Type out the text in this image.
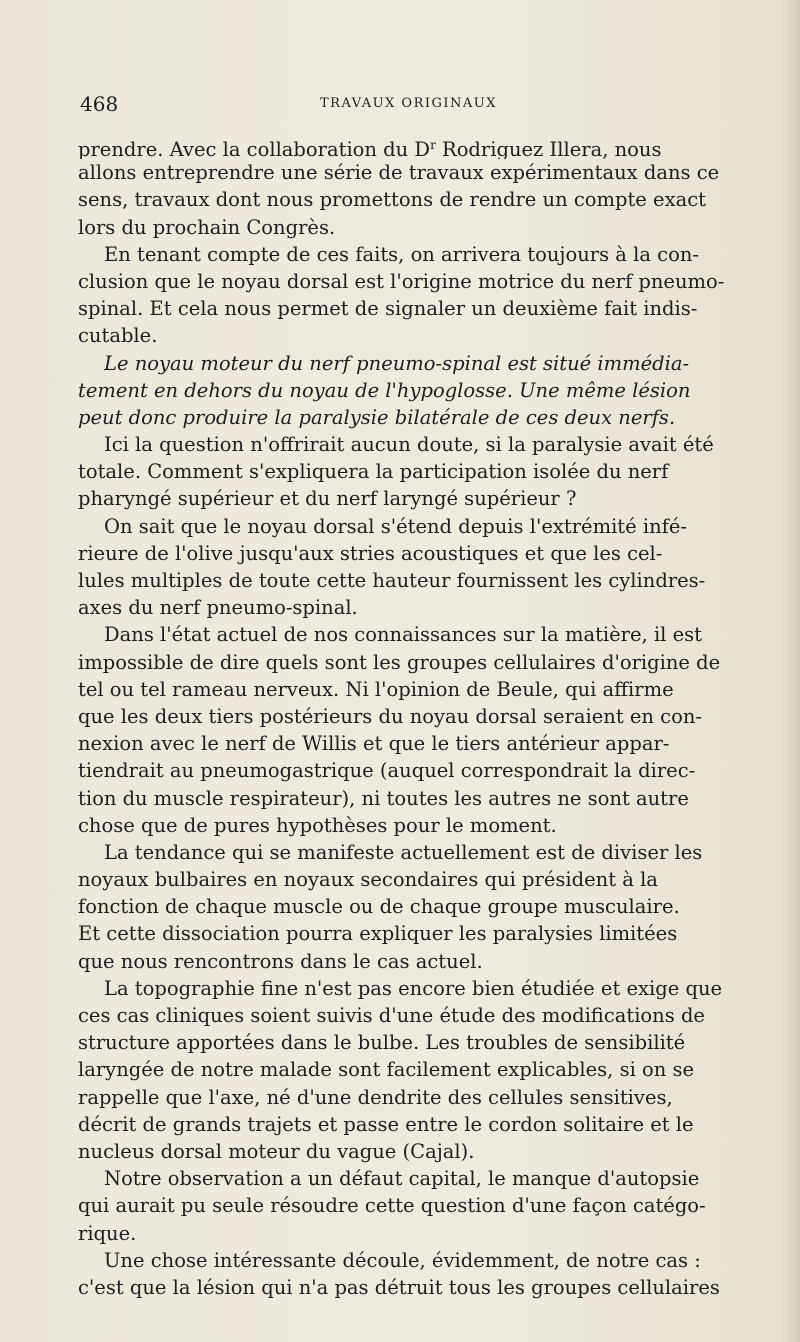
468	TRAVAUX ORIGINAUX
prendre. Avec la collaboration du $D^r$ Rodriguez Illera, nous
allons entreprendre une série de travaux expérimentaux dans ce
sens, travaux dont nous promettons de rendre un compte exact
lors du prochain Congrès.
En tenant compte de ces faits, on arrivera toujours à la con-
clusion que le noyau dorsal est l'origine motrice du nerf pneumo-
spinal. Et cela nous permet de signaler un deuxième fait indis-
cutable.
Le noyau moteur du nerf pneumo-spinal est situé immédia-
tement en dehors du noyau de l'hypoglosse. Une même lésion
peut donc produire la paralysie bilatérale de ces deux nerfs.
Ici la question n'offrirait aucun doute, si la paralysie avait été
totale. Comment s'expliquera la participation isolée du nerf
pharyngé supérieur et du nerf laryngé supérieur ?
On sait que le noyau dorsal s'étend depuis l'extrémité infé-
rieure de l'olive jusqu'aux stries acoustiques et que les cel-
lules multiples de toute cette hauteur fournissent les cylindres-
axes du nerf pneumo-spinal.
Dans l'état actuel de nos connaissances sur la matière, il est
impossible de dire quels sont les groupes cellulaires d'origine de
tel ou tel rameau nerveux. Ni l'opinion de Beule, qui affirme
que les deux tiers postérieurs du noyau dorsal seraient en con-
nexion avec le nerf de Willis et que le tiers antérieur appar-
tiendrait au pneumogastrique (auquel correspondrait la direc-
tion du muscle respirateur), ni toutes les autres ne sont autre
chose que de pures hypothèses pour le moment.
La tendance qui se manifeste actuellement est de diviser les
noyaux bulbaires en noyaux secondaires qui président à la
fonction de chaque muscle ou de chaque groupe musculaire.
Et cette dissociation pourra expliquer les paralysies limitées
que nous rencontrons dans le cas actuel.
La topographie fine n'est pas encore bien étudiée et exige que
ces cas cliniques soient suivis d'une étude des modifications de
structure apportées dans le bulbe. Les troubles de sensibilité
laryngée de notre malade sont facilement explicables, si on se
rappelle que l'axe, né d'une dendrite des cellules sensitives,
décrit de grands trajets et passe entre le cordon solitaire et le
nucleus dorsal moteur du vague (Cajal).
Notre observation a un défaut capital, le manque d'autopsie
qui aurait pu seule résoudre cette question d'une façon catégo-
rique.
Une chose intéressante découle, évidemment, de notre cas :
c'est que la lésion qui n'a pas détruit tous les groupes cellulaires
